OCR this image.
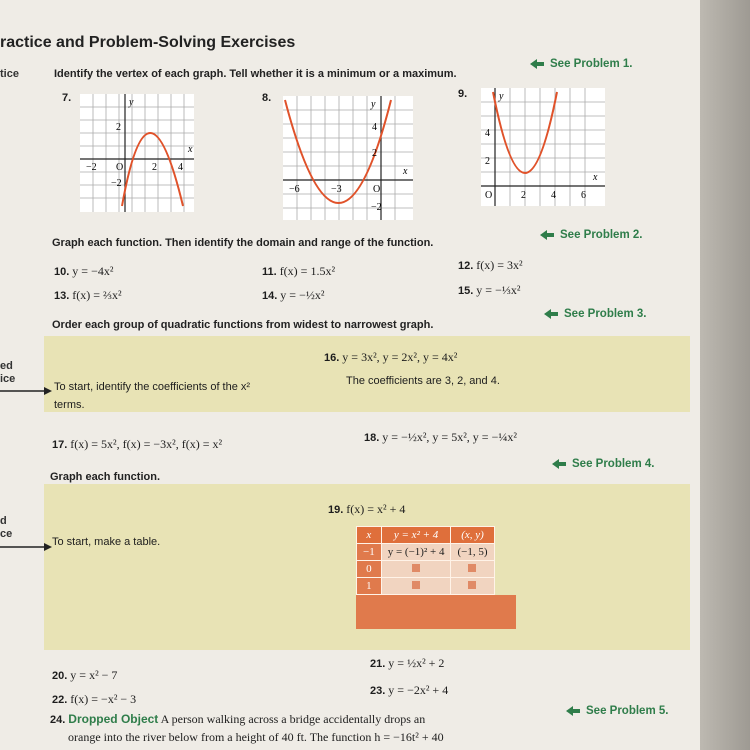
ractice and Problem-Solving Exercises
tice	Identify the vertex of each graph. Tell whether it is a minimum or a maximum.
See Problem 1.
7.	y
x
2
−2 O	2 4
−2
8.
y
x
4
2
−6	−3	O
−2
9.	y
x
4
2
O	2	4	6
Graph each function. Then identify the domain and range of the function.
See Problem 2.
10. y = −4x²	11. f(x) = 1.5x²	12. f(x) = 3x²
13. f(x) = ⅔x²	14. y = −½x²	15. y = −⅓x²
Order each group of quadratic functions from widest to narrowest graph.
See Problem 3.
ed
ice
16. y = 3x², y = 2x², y = 4x²
To start, identify the coefficients of the x²
terms.
The coefficients are 3, 2, and 4.
17. f(x) = 5x², f(x) = −3x², f(x) = x²	18. y = −½x², y = 5x², y = −¼x²
Graph each function.
See Problem 4.
d
ce
19. f(x) = x² + 4
To start, make a table.
x	y = x² + 4	(x, y)
−1	y = (−1)² + 4	(−1, 5)
0		
1		
20. y = x² − 7
21. y = ½x² + 2
22. f(x) = −x² − 3
23. y = −2x² + 4
24. Dropped Object A person walking across a bridge accidentally drops an
orange into the river below from a height of 40 ft. The function h = −16t² + 40
See Problem 5.
